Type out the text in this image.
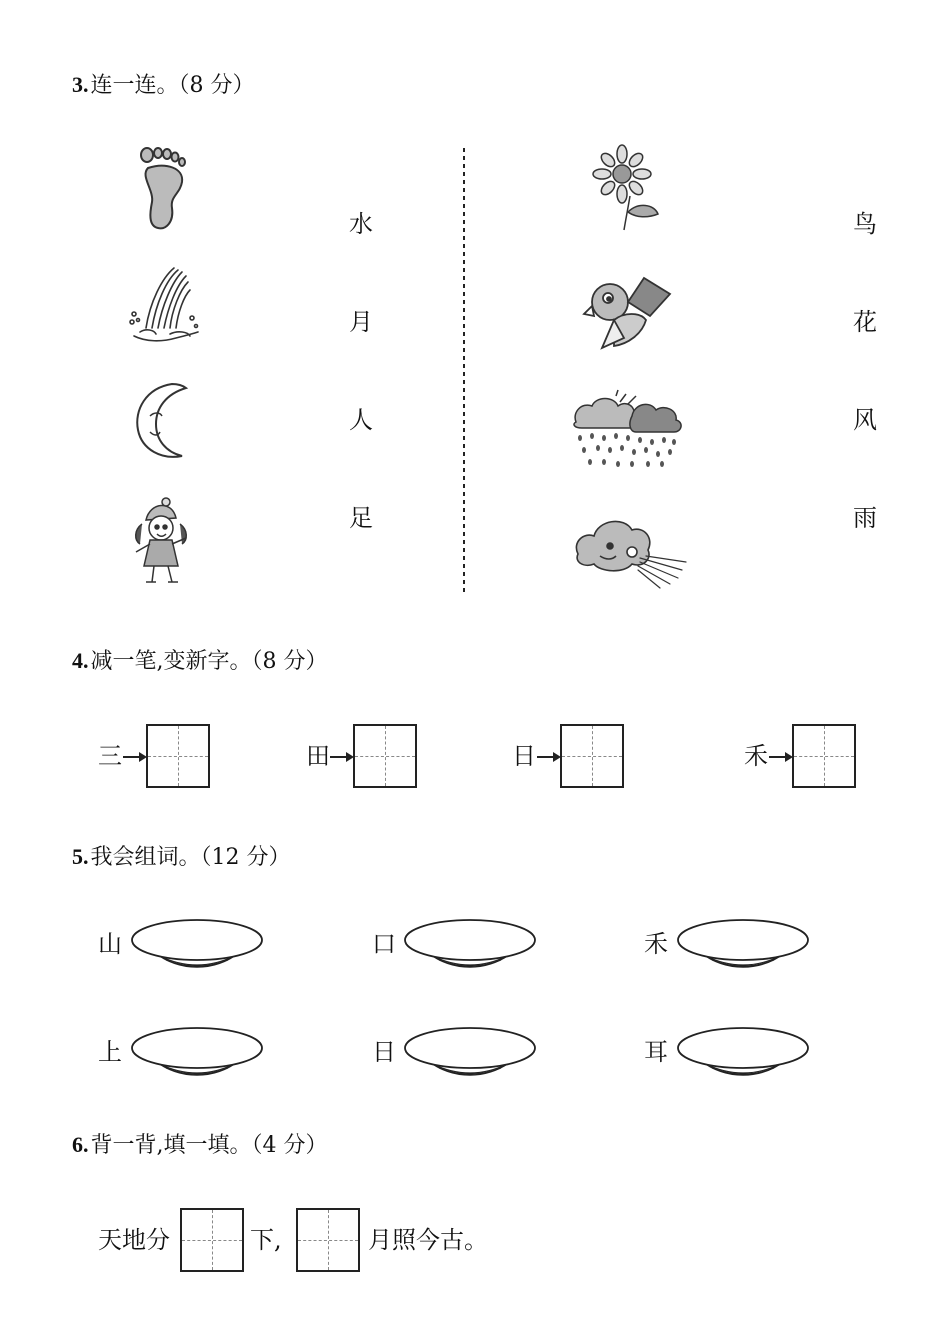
3.连一连。（8 分）
水
月
人
足
鸟
花
风
雨
4.减一笔,变新字。（8 分）
三	田	日	禾
5.我会组词。（12 分）
山	口	禾
上	日	耳
6.背一背,填一填。（4 分）
天地分	下,	月照今古。
